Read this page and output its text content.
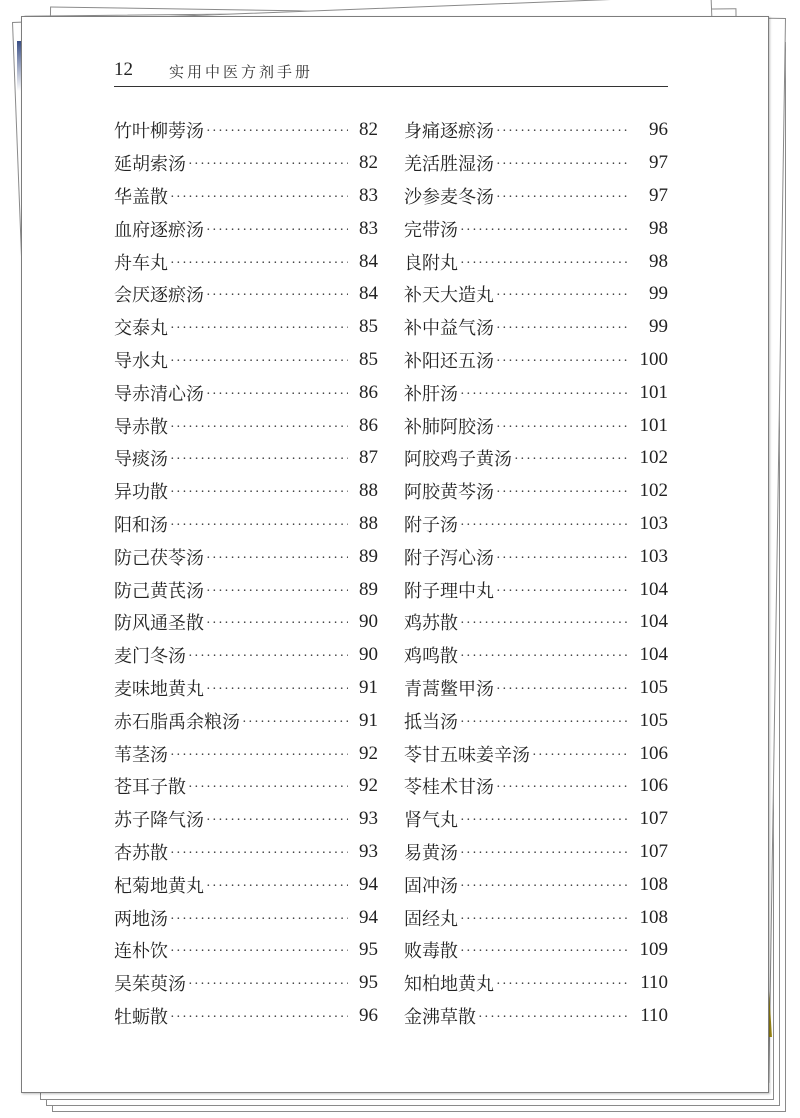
12 实用中医方剂手册
竹叶柳蒡汤 ·····	82
延胡索汤 ·····	82
华盖散 ·····	83
血府逐瘀汤 ·····	83
舟车丸 ·····	84
会厌逐瘀汤 ·····	84
交泰丸 ·····	85
导水丸 ·····	85
导赤清心汤 ·····	86
导赤散 ·····	86
导痰汤 ·····	87
异功散 ·····	88
阳和汤 ·····	88
防己茯苓汤 ·····	89
防己黄芪汤 ·····	89
防风通圣散 ·····	90
麦门冬汤 ·····	90
麦味地黄丸 ·····	91
赤石脂禹余粮汤 ·····	91
苇茎汤 ·····	92
苍耳子散 ·····	92
苏子降气汤 ·····	93
杏苏散 ·····	93
杞菊地黄丸 ·····	94
两地汤 ·····	94
连朴饮 ·····	95
吴茱萸汤 ·····	95
牡蛎散 ·····	96
身痛逐瘀汤 ·····	96
羌活胜湿汤 ·····	97
沙参麦冬汤 ·····	97
完带汤 ·····	98
良附丸 ·····	98
补天大造丸 ·····	99
补中益气汤 ·····	99
补阳还五汤 ·····	100
补肝汤 ·····	101
补肺阿胶汤 ·····	101
阿胶鸡子黄汤 ·····	102
阿胶黄芩汤 ·····	102
附子汤 ·····	103
附子泻心汤 ·····	103
附子理中丸 ·····	104
鸡苏散 ·····	104
鸡鸣散 ·····	104
青蒿鳖甲汤 ·····	105
抵当汤 ·····	105
苓甘五味姜辛汤 ·····	106
苓桂术甘汤 ·····	106
肾气丸 ·····	107
易黄汤 ·····	107
固冲汤 ·····	108
固经丸 ·····	108
败毒散 ·····	109
知柏地黄丸 ·····	110
金沸草散 ·····	110
